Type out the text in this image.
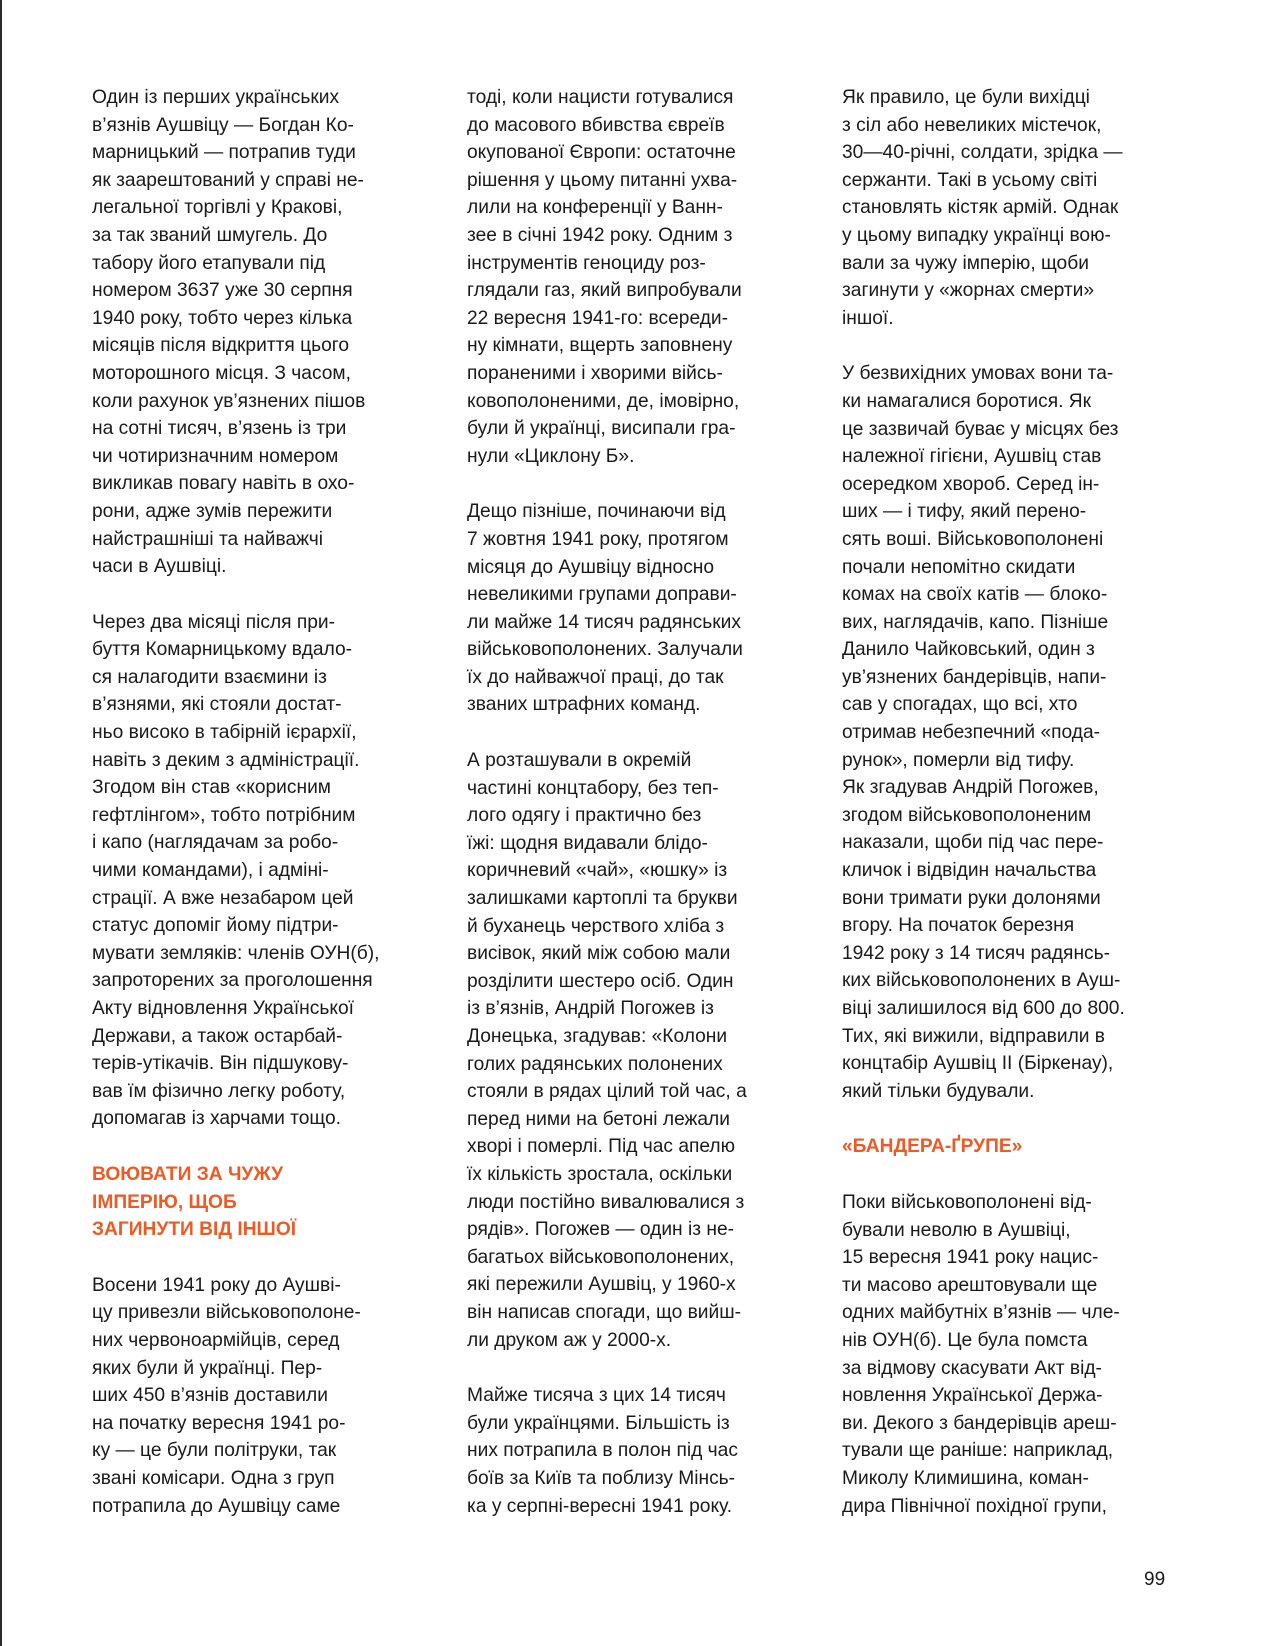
Один із перших українських
в’язнів Аушвіцу — Богдан Ко-
марницький — потрапив туди
як заарештований у справі не-
легальної торгівлі у Кракові,
за так званий шмугель. До
табору його етапували під
номером 3637 уже 30 серпня
1940 року, тобто через кілька
місяців після відкриття цього
моторошного місця. З часом,
коли рахунок ув’язнених пішов
на сотні тисяч, в’язень із три
чи чотиризначним номером
викликав повагу навіть в охо-
рони, адже зумів пережити
найстрашніші та найважчі
часи в Аушвіці.

Через два місяці після при-
буття Комарницькому вдало-
ся налагодити взаємини із
в’язнями, які стояли достат-
ньо високо в табірній ієрархії,
навіть з деким з адміністрації.
Згодом він став «корисним
гефтлінгом», тобто потрібним
і капо (наглядачам за робо-
чими командами), і адміні-
страції. А вже незабаром цей
статус допоміг йому підтри-
мувати земляків: членів ОУН(б),
запроторених за проголошення
Акту відновлення Української
Держави, а також остарбай-
терів-утікачів. Він підшукову-
вав їм фізично легку роботу,
допомагав із харчами тощо.

ВОЮВАТИ ЗА ЧУЖУ
ІМПЕРІЮ, ЩОБ
ЗАГИНУТИ ВІД ІНШОЇ

Восени 1941 року до Аушві-
цу привезли військовополоне-
них червоноармійців, серед
яких були й українці. Пер-
ших 450 в’язнів доставили
на початку вересня 1941 ро-
ку — це були політруки, так
звані комісари. Одна з груп
потрапила до Аушвіцу саме

тоді, коли нацисти готувалися
до масового вбивства євреїв
окупованої Європи: остаточне
рішення у цьому питанні ухва-
лили на конференції у Ванн-
зее в січні 1942 року. Одним з
інструментів геноциду роз-
глядали газ, який випробували
22 вересня 1941-го: всереди-
ну кімнати, вщерть заповнену
пораненими і хворими війсь-
ковополоненими, де, імовірно,
були й українці, висипали гра-
нули «Циклону Б».

Дещо пізніше, починаючи від
7 жовтня 1941 року, протягом
місяця до Аушвіцу відносно
невеликими групами доправи-
ли майже 14 тисяч радянських
військовополонених. Залучали
їх до найважчої праці, до так
званих штрафних команд.

А розташували в окремій
частині концтабору, без теп-
лого одягу і практично без
їжі: щодня видавали блідо-
коричневий «чай», «юшку» із
залишками картоплі та брукви
й буханець черствого хліба з
висівок, який між собою мали
розділити шестеро осіб. Один
із в’язнів, Андрій Погожев із
Донецька, згадував: «Колони
голих радянських полонених
стояли в рядах цілий той час, а
перед ними на бетоні лежали
хворі і померлі. Під час апелю
їх кількість зростала, оскільки
люди постійно вивалювалися з
рядів». Погожев — один із не-
багатьох військовополонених,
які пережили Аушвіц, у 1960-х
він написав спогади, що вийш-
ли друком аж у 2000-х.

Майже тисяча з цих 14 тисяч
були українцями. Більшість із
них потрапила в полон під час
боїв за Київ та поблизу Мінсь-
ка у серпні-вересні 1941 року.

Як правило, це були вихідці
з сіл або невеликих містечок,
30—40-річні, солдати, зрідка —
сержанти. Такі в усьому світі
становлять кістяк армій. Однак
у цьому випадку українці вою-
вали за чужу імперію, щоби
загинути у «жорнах смерти»
іншої.

У безвихідних умовах вони та-
ки намагалися боротися. Як
це зазвичай буває у місцях без
належної гігієни, Аушвіц став
осередком хвороб. Серед ін-
ших — і тифу, який перено-
сять воші. Військовополонені
почали непомітно скидати
комах на своїх катів — блоко-
вих, наглядачів, капо. Пізніше
Данило Чайковський, один з
ув’язнених бандерівців, напи-
сав у спогадах, що всі, хто
отримав небезпечний «пода-
рунок», померли від тифу.
Як згадував Андрій Погожев,
згодом військовополоненим
наказали, щоби під час пере-
кличок і відвідин начальства
вони тримати руки долонями
вгору. На початок березня
1942 року з 14 тисяч радянсь-
ких військовополонених в Ауш-
віці залишилося від 600 до 800.
Тих, які вижили, відправили в
концтабір Аушвіц II (Біркенау),
який тільки будували.

«БАНДЕРА-ҐРУПЕ»

Поки військовополонені від-
бували неволю в Аушвіці,
15 вересня 1941 року нацис-
ти масово арештовували ще
одних майбутніх в’язнів — чле-
нів ОУН(б). Це була помста
за відмову скасувати Акт від-
новлення Української Держа-
ви. Декого з бандерівців ареш-
тували ще раніше: наприклад,
Миколу Климишина, коман-
дира Північної похідної групи,

99
